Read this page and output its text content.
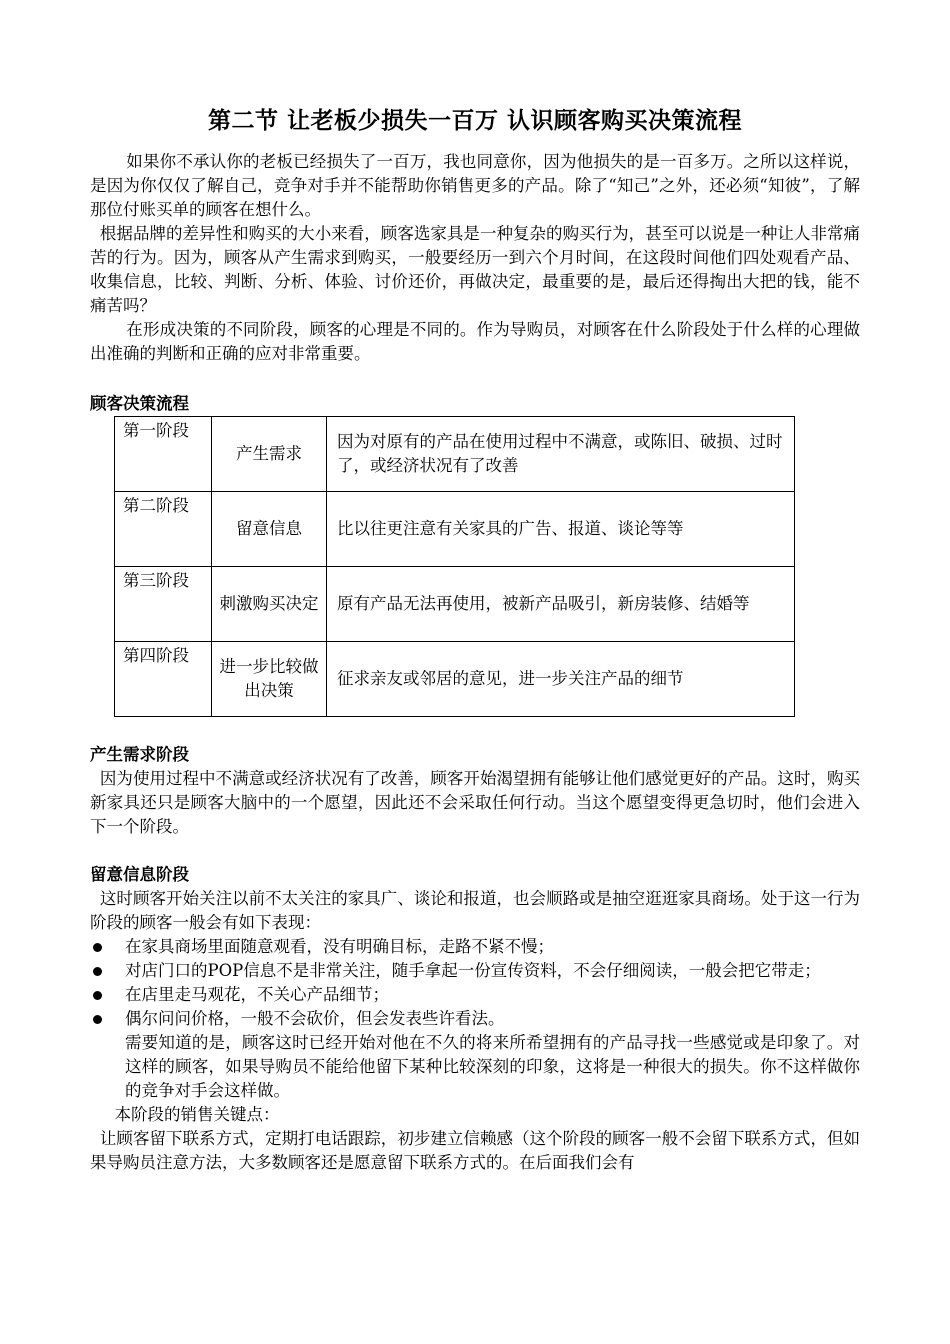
第二节 让老板少损失一百万 认识顾客购买决策流程

如果你不承认你的老板已经损失了一百万，我也同意你，因为他损失的是一百多万。之所以这样说，是因为你仅仅了解自己，竞争对手并不能帮助你销售更多的产品。除了“知己”之外，还必须“知彼”，了解那位付账买单的顾客在想什么。

根据品牌的差异性和购买的大小来看，顾客选家具是一种复杂的购买行为，甚至可以说是一种让人非常痛苦的行为。因为，顾客从产生需求到购买，一般要经历一到六个月时间，在这段时间他们四处观看产品、收集信息，比较、判断、分析、体验、讨价还价，再做决定，最重要的是，最后还得掏出大把的钱，能不痛苦吗？

在形成决策的不同阶段，顾客的心理是不同的。作为导购员，对顾客在什么阶段处于什么样的心理做出准确的判断和正确的应对非常重要。

顾客决策流程
第一阶段	产生需求	因为对原有的产品在使用过程中不满意，或陈旧、破损、过时了，或经济状况有了改善
第二阶段	留意信息	比以往更注意有关家具的广告、报道、谈论等等
第三阶段	刺激购买决定	原有产品无法再使用，被新产品吸引，新房装修、结婚等
第四阶段	进一步比较做出决策	征求亲友或邻居的意见，进一步关注产品的细节
产生需求阶段

因为使用过程中不满意或经济状况有了改善，顾客开始渴望拥有能够让他们感觉更好的产品。这时，购买新家具还只是顾客大脑中的一个愿望，因此还不会采取任何行动。当这个愿望变得更急切时，他们会进入下一个阶段。

留意信息阶段

这时顾客开始关注以前不太关注的家具广、谈论和报道，也会顺路或是抽空逛逛家具商场。处于这一行为阶段的顾客一般会有如下表现：

在家具商场里面随意观看，没有明确目标，走路不紧不慢；
对店门口的POP信息不是非常关注，随手拿起一份宣传资料，不会仔细阅读，一般会把它带走；
在店里走马观花，不关心产品细节；
偶尔问问价格，一般不会砍价，但会发表些许看法。

需要知道的是，顾客这时已经开始对他在不久的将来所希望拥有的产品寻找一些感觉或是印象了。对这样的顾客，如果导购员不能给他留下某种比较深刻的印象，这将是一种很大的损失。你不这样做你的竞争对手会这样做。

本阶段的销售关键点：

让顾客留下联系方式，定期打电话跟踪，初步建立信赖感（这个阶段的顾客一般不会留下联系方式，但如果导购员注意方法，大多数顾客还是愿意留下联系方式的。在后面我们会有
